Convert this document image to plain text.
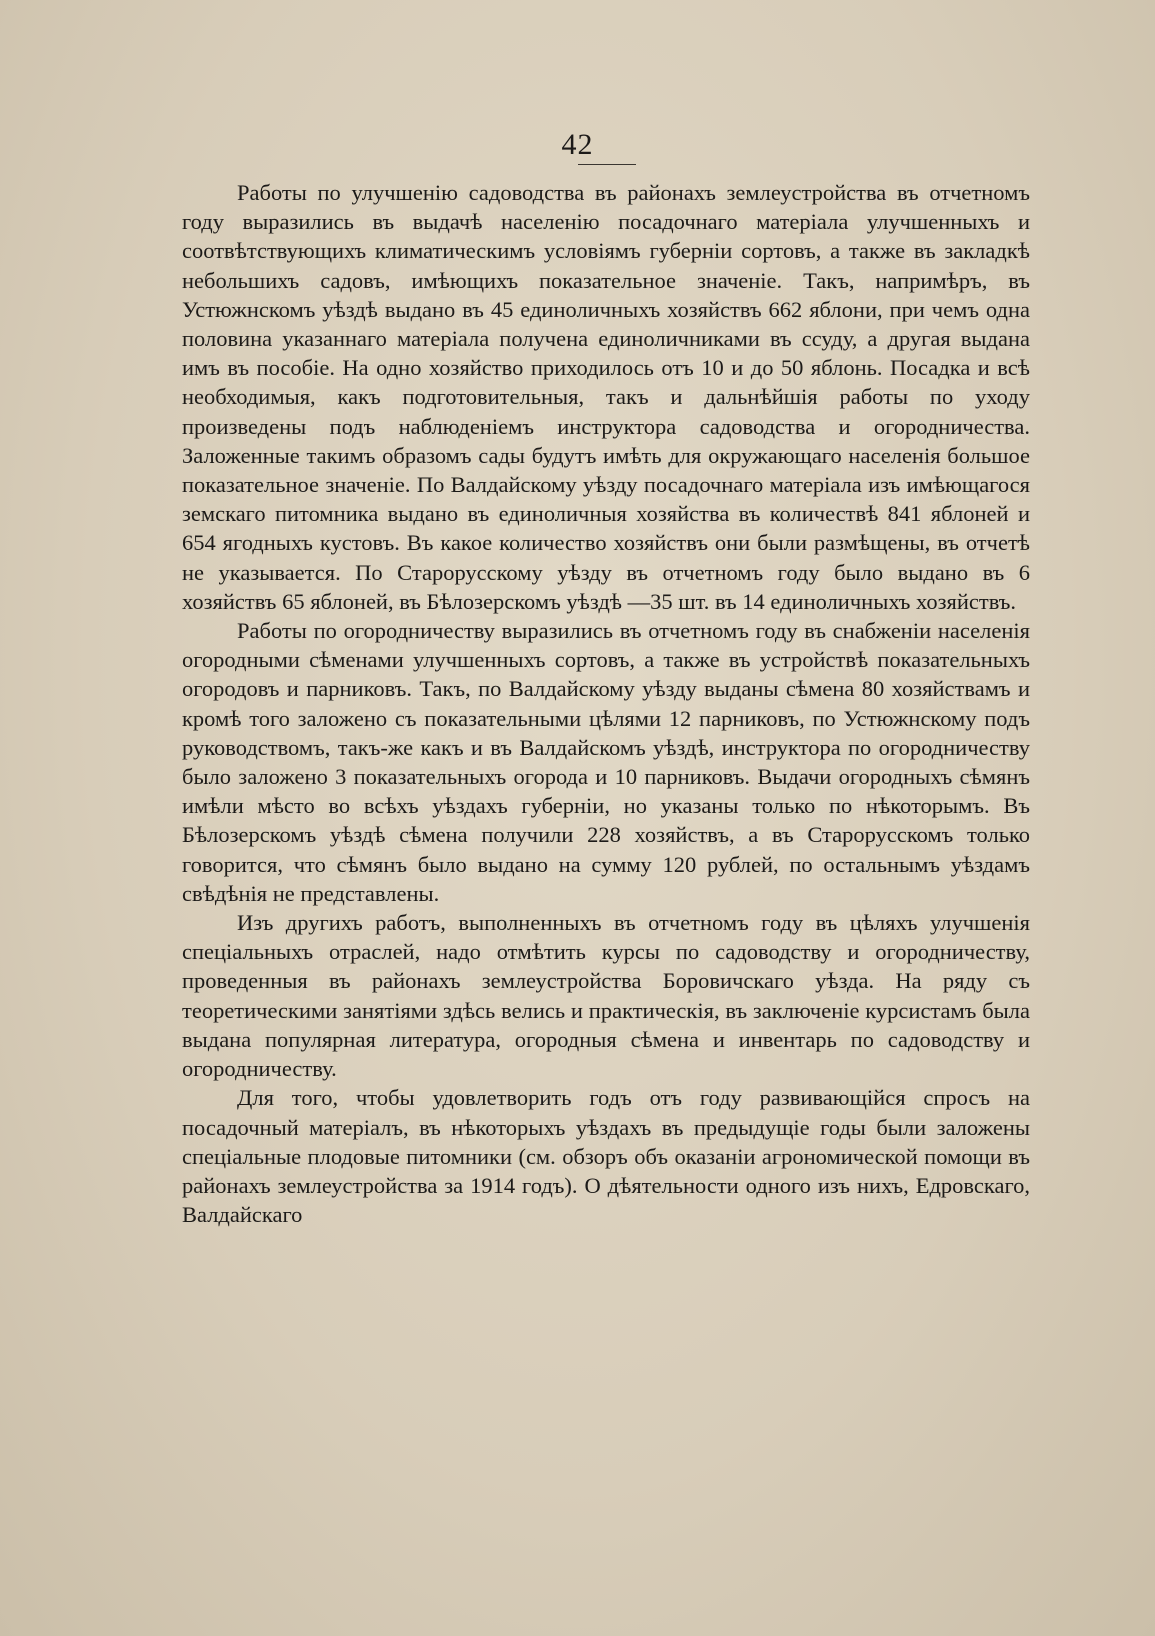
42

Работы по улучшенію садоводства въ районахъ землеустройства въ отчетномъ году выразились въ выдачѣ населенію посадочнаго матеріала улучшенныхъ и соотвѣтствующихъ климатическимъ условіямъ губерніи сортовъ, а также въ закладкѣ небольшихъ садовъ, имѣющихъ показательное значеніе. Такъ, напримѣръ, въ Устюжнскомъ уѣздѣ выдано въ 45 единоличныхъ хозяйствъ 662 яблони, при чемъ одна половина указаннаго матеріала получена единоличниками въ ссуду, а другая выдана имъ въ пособіе. На одно хозяйство приходилось отъ 10 и до 50 яблонь. Посадка и всѣ необходимыя, какъ подготовительныя, такъ и дальнѣйшія работы по уходу произведены подъ наблюденіемъ инструктора садоводства и огородничества. Заложенные такимъ образомъ сады будутъ имѣть для окружающаго населенія большое показательное значеніе. По Валдайскому уѣзду посадочнаго матеріала изъ имѣющагося земскаго питомника выдано въ единоличныя хозяйства въ количествѣ 841 яблоней и 654 ягодныхъ кустовъ. Въ какое количество хозяйствъ они были размѣщены, въ отчетѣ не указывается. По Старорусскому уѣзду въ отчетномъ году было выдано въ 6 хозяйствъ 65 яблоней, въ Бѣлозерскомъ уѣздѣ —35 шт. въ 14 единоличныхъ хозяйствъ.

Работы по огородничеству выразились въ отчетномъ году въ снабженіи населенія огородными сѣменами улучшенныхъ сортовъ, а также въ устройствѣ показательныхъ огородовъ и парниковъ. Такъ, по Валдайскому уѣзду выданы сѣмена 80 хозяйствамъ и кромѣ того заложено съ показательными цѣлями 12 парниковъ, по Устюжнскому подъ руководствомъ, такъ-же какъ и въ Валдайскомъ уѣздѣ, инструктора по огородничеству было заложено 3 показательныхъ огорода и 10 парниковъ. Выдачи огородныхъ сѣмянъ имѣли мѣсто во всѣхъ уѣздахъ губерніи, но указаны только по нѣкоторымъ. Въ Бѣлозерскомъ уѣздѣ сѣмена получили 228 хозяйствъ, а въ Старорусскомъ только говорится, что сѣмянъ было выдано на сумму 120 рублей, по остальнымъ уѣздамъ свѣдѣнія не представлены.

Изъ другихъ работъ, выполненныхъ въ отчетномъ году въ цѣляхъ улучшенія спеціальныхъ отраслей, надо отмѣтить курсы по садоводству и огородничеству, проведенныя въ районахъ землеустройства Боровичскаго уѣзда. На ряду съ теоретическими занятіями здѣсь велись и практическія, въ заключеніе курсистамъ была выдана популярная литература, огородныя сѣмена и инвентарь по садоводству и огородничеству.

Для того, чтобы удовлетворить годъ отъ году развивающійся спросъ на посадочный матеріалъ, въ нѣкоторыхъ уѣздахъ въ предыдущіе годы были заложены спеціальные плодовые питомники (см. обзоръ объ оказаніи агрономической помощи въ районахъ землеустройства за 1914 годъ). О дѣятельности одного изъ нихъ, Едровскаго, Валдайскаго
